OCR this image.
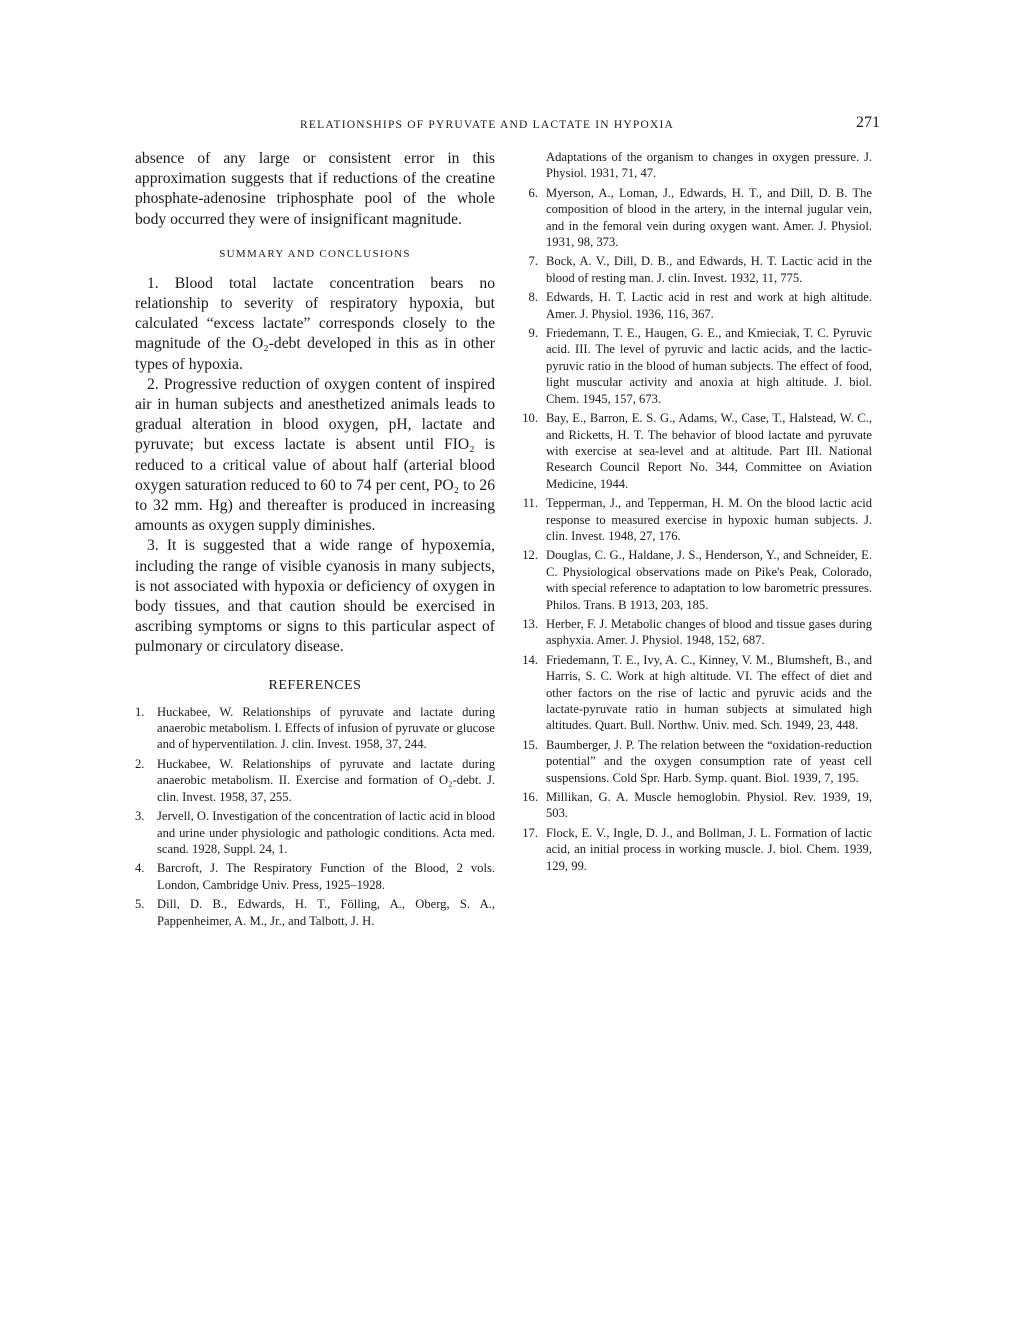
RELATIONSHIPS OF PYRUVATE AND LACTATE IN HYPOXIA	271

absence of any large or consistent error in this approximation suggests that if reductions of the creatine phosphate-adenosine triphosphate pool of the whole body occurred they were of insignificant magnitude.

SUMMARY AND CONCLUSIONS

1. Blood total lactate concentration bears no relationship to severity of respiratory hypoxia, but calculated “excess lactate” corresponds closely to the magnitude of the O₂-debt developed in this as in other types of hypoxia.

2. Progressive reduction of oxygen content of inspired air in human subjects and anesthetized animals leads to gradual alteration in blood oxygen, pH, lactate and pyruvate; but excess lactate is absent until FIO₂ is reduced to a critical value of about half (arterial blood oxygen saturation reduced to 60 to 74 per cent, PO₂ to 26 to 32 mm. Hg) and thereafter is produced in increasing amounts as oxygen supply diminishes.

3. It is suggested that a wide range of hypoxemia, including the range of visible cyanosis in many subjects, is not associated with hypoxia or deficiency of oxygen in body tissues, and that caution should be exercised in ascribing symptoms or signs to this particular aspect of pulmonary or circulatory disease.

REFERENCES
1. Huckabee, W. Relationships of pyruvate and lactate during anaerobic metabolism. I. Effects of infusion of pyruvate or glucose and of hyperventilation. J. clin. Invest. 1958, 37, 244.
2. Huckabee, W. Relationships of pyruvate and lactate during anaerobic metabolism. II. Exercise and formation of O₂-debt. J. clin. Invest. 1958, 37, 255.
3. Jervell, O. Investigation of the concentration of lactic acid in blood and urine under physiologic and pathologic conditions. Acta med. scand. 1928, Suppl. 24, 1.
4. Barcroft, J. The Respiratory Function of the Blood, 2 vols. London, Cambridge Univ. Press, 1925–1928.
5. Dill, D. B., Edwards, H. T., Fölling, A., Oberg, S. A., Pappenheimer, A. M., Jr., and Talbott, J. H.

Adaptations of the organism to changes in oxygen pressure. J. Physiol. 1931, 71, 47.

6. Myerson, A., Loman, J., Edwards, H. T., and Dill, D. B. The composition of blood in the artery, in the internal jugular vein, and in the femoral vein during oxygen want. Amer. J. Physiol. 1931, 98, 373.
7. Bock, A. V., Dill, D. B., and Edwards, H. T. Lactic acid in the blood of resting man. J. clin. Invest. 1932, 11, 775.
8. Edwards, H. T. Lactic acid in rest and work at high altitude. Amer. J. Physiol. 1936, 116, 367.
9. Friedemann, T. E., Haugen, G. E., and Kmieciak, T. C. Pyruvic acid. III. The level of pyruvic and lactic acids, and the lactic-pyruvic ratio in the blood of human subjects. The effect of food, light muscular activity and anoxia at high altitude. J. biol. Chem. 1945, 157, 673.
10. Bay, E., Barron, E. S. G., Adams, W., Case, T., Halstead, W. C., and Ricketts, H. T. The behavior of blood lactate and pyruvate with exercise at sea-level and at altitude. Part III. National Research Council Report No. 344, Committee on Aviation Medicine, 1944.
11. Tepperman, J., and Tepperman, H. M. On the blood lactic acid response to measured exercise in hypoxic human subjects. J. clin. Invest. 1948, 27, 176.
12. Douglas, C. G., Haldane, J. S., Henderson, Y., and Schneider, E. C. Physiological observations made on Pike's Peak, Colorado, with special reference to adaptation to low barometric pressures. Philos. Trans. B 1913, 203, 185.
13. Herber, F. J. Metabolic changes of blood and tissue gases during asphyxia. Amer. J. Physiol. 1948, 152, 687.
14. Friedemann, T. E., Ivy, A. C., Kinney, V. M., Blumsheft, B., and Harris, S. C. Work at high altitude. VI. The effect of diet and other factors on the rise of lactic and pyruvic acids and the lactate-pyruvate ratio in human subjects at simulated high altitudes. Quart. Bull. Northw. Univ. med. Sch. 1949, 23, 448.
15. Baumberger, J. P. The relation between the “oxidation-reduction potential” and the oxygen consumption rate of yeast cell suspensions. Cold Spr. Harb. Symp. quant. Biol. 1939, 7, 195.
16. Millikan, G. A. Muscle hemoglobin. Physiol. Rev. 1939, 19, 503.
17. Flock, E. V., Ingle, D. J., and Bollman, J. L. Formation of lactic acid, an initial process in working muscle. J. biol. Chem. 1939, 129, 99.
